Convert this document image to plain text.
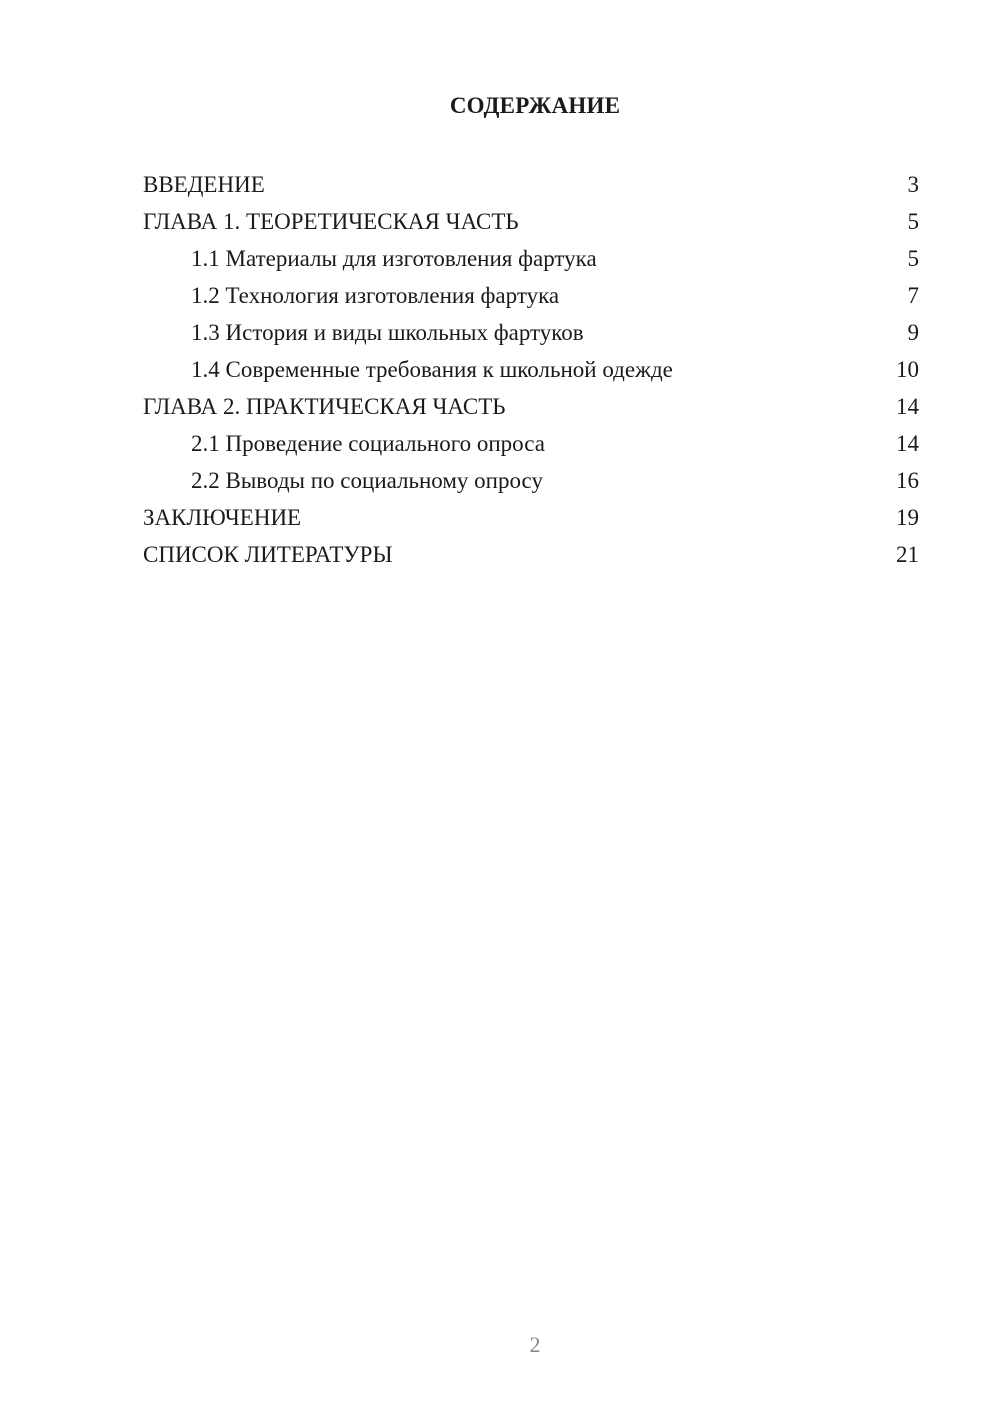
СОДЕРЖАНИЕ
ВВЕДЕНИЕ	3
ГЛАВА 1. ТЕОРЕТИЧЕСКАЯ ЧАСТЬ	5
1.1 Материалы для изготовления фартука	5
1.2 Технология изготовления фартука	7
1.3 История и виды школьных фартуков	9
1.4 Современные требования к школьной одежде	10
ГЛАВА 2. ПРАКТИЧЕСКАЯ ЧАСТЬ	14
2.1 Проведение социального опроса	14
2.2 Выводы по социальному опросу	16
ЗАКЛЮЧЕНИЕ	19
СПИСОК ЛИТЕРАТУРЫ	21
2
